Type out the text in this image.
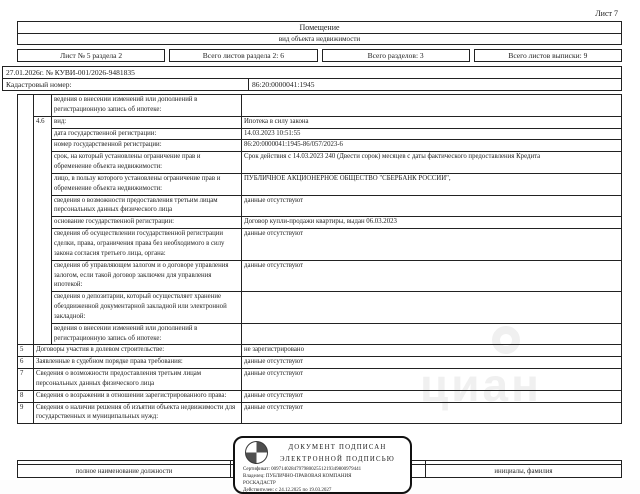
циан
Лист 7
Помещение
вид объекта недвижимости
Лист № 5 раздела 2	Всего листов раздела 2: 6	Всего разделов: 3	Всего листов выписки: 9
27.01.2026г. № КУВИ-001/2026-9481835
Кадастровый номер:	86:20:0000041:1945
		ведения о внесении изменений или дополнений в регистрационную запись об ипотеке:	
	4.6	вид:	Ипотека в силу закона
		дата государственной регистрации:	14.03.2023 10:51:55
		номер государственной регистрации:	86:20:0000041:1945-86/057/2023-6
		срок, на который установлены ограничение прав и обременение объекта недвижимости:	Срок действия с 14.03.2023 240 (Двести сорок) месяцев с даты фактического предоставления Кредита
		лицо, в пользу которого установлены ограничение прав и обременение объекта недвижимости:	ПУБЛИЧНОЕ АКЦИОНЕРНОЕ ОБЩЕСТВО "СБЕРБАНК РОССИИ",
		сведения о возможности предоставления третьим лицам персональных данных физического лица	данные отсутствуют
		основание государственной регистрации:	Договор купли-продажи квартиры, выдан 06.03.2023
		сведения об осуществлении государственной регистрации сделки, права, ограничения права без необходимого в силу закона согласия третьего лица, органа:	данные отсутствуют
		сведения об управляющем залогом и о договоре управления залогом, если такой договор заключен для управления ипотекой:	данные отсутствуют
		сведения о депозитарии, который осуществляет хранение обездвиженной документарной закладной или электронной закладной:	
		ведения о внесении изменений или дополнений в регистрационную запись об ипотеке:	
5	Договоры участия в долевом строительстве:		не зарегистрировано
6	Заявленные в судебном порядке права требования:		данные отсутствуют
7	Сведения о возможности предоставления третьим лицам персональных данных физического лица		данные отсутствуют
8	Сведения о возражении в отношении зарегистрированного права:		данные отсутствуют
9	Сведения о наличии решения об изъятии объекта недвижимости для государственных и муниципальных нужд:		данные отсутствуют

полное наименование должности		инициалы, фамилия
ДОКУМЕНТ ПОДПИСАН
ЭЛЕКТРОННОЙ ПОДПИСЬЮ
Сертификат: 009714028479798002551219349800979441
Владелец: ПУБЛИЧНО-ПРАВОВАЯ КОМПАНИЯ
РОСКАДАСТР
Действителен: с 24.12.2025 по 19.03.2027
